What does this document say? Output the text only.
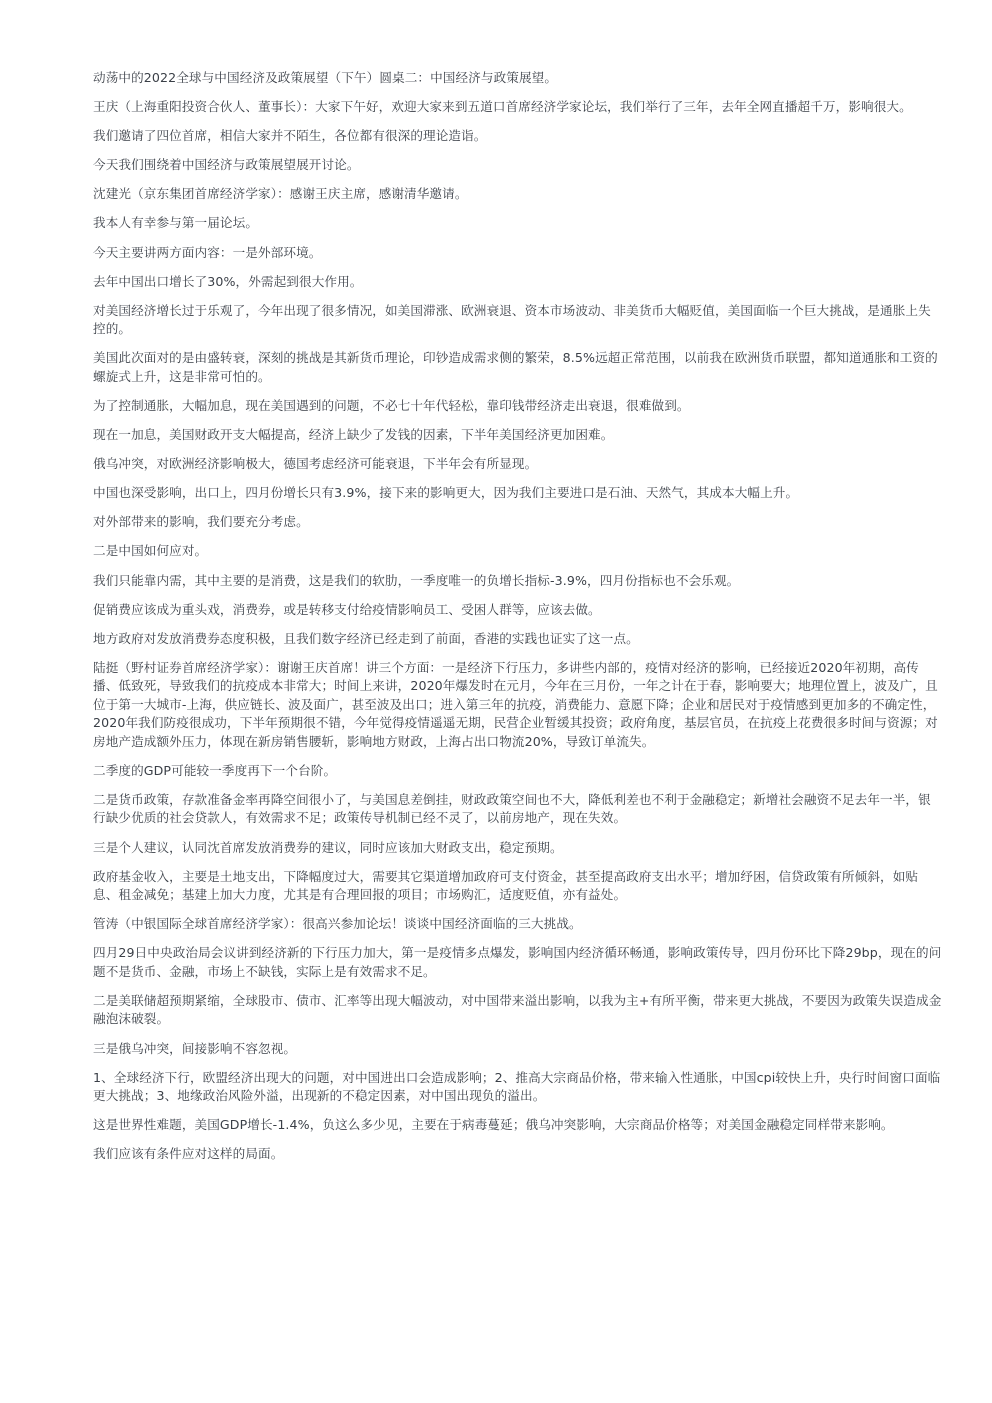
动荡中的2022全球与中国经济及政策展望（下午）圆桌二：中国经济与政策展望。

王庆（上海重阳投资合伙人、董事长）：大家下午好，欢迎大家来到五道口首席经济学家论坛，我们举行了三年，去年全网直播超千万，影响很大。

我们邀请了四位首席，相信大家并不陌生，各位都有很深的理论造诣。

今天我们围绕着中国经济与政策展望展开讨论。

沈建光（京东集团首席经济学家）：感谢王庆主席，感谢清华邀请。

我本人有幸参与第一届论坛。

今天主要讲两方面内容：一是外部环境。

去年中国出口增长了30%，外需起到很大作用。

对美国经济增长过于乐观了，今年出现了很多情况，如美国滞涨、欧洲衰退、资本市场波动、非美货币大幅贬值，美国面临一个巨大挑战，是通胀上失控的。

美国此次面对的是由盛转衰，深刻的挑战是其新货币理论，印钞造成需求侧的繁荣，8.5%远超正常范围，以前我在欧洲货币联盟，都知道通胀和工资的螺旋式上升，这是非常可怕的。

为了控制通胀，大幅加息，现在美国遇到的问题，不必七十年代轻松，靠印钱带经济走出衰退，很难做到。

现在一加息，美国财政开支大幅提高，经济上缺少了发钱的因素，下半年美国经济更加困难。

俄乌冲突，对欧洲经济影响极大，德国考虑经济可能衰退，下半年会有所显现。

中国也深受影响，出口上，四月份增长只有3.9%，接下来的影响更大，因为我们主要进口是石油、天然气，其成本大幅上升。

对外部带来的影响，我们要充分考虑。

二是中国如何应对。

我们只能靠内需，其中主要的是消费，这是我们的软肋，一季度唯一的负增长指标-3.9%，四月份指标也不会乐观。

促销费应该成为重头戏，消费券，或是转移支付给疫情影响员工、受困人群等，应该去做。

地方政府对发放消费券态度积极，且我们数字经济已经走到了前面，香港的实践也证实了这一点。

陆挺（野村证券首席经济学家）：谢谢王庆首席！讲三个方面：一是经济下行压力，多讲些内部的，疫情对经济的影响，已经接近2020年初期，高传播、低致死，导致我们的抗疫成本非常大；时间上来讲，2020年爆发时在元月，今年在三月份，一年之计在于春，影响要大；地理位置上，波及广，且位于第一大城市-上海，供应链长、波及面广，甚至波及出口；进入第三年的抗疫，消费能力、意愿下降；企业和居民对于疫情感到更加多的不确定性，2020年我们防疫很成功，下半年预期很不错，今年觉得疫情遥遥无期，民营企业暂缓其投资；政府角度，基层官员，在抗疫上花费很多时间与资源；对房地产造成额外压力，体现在新房销售腰斩，影响地方财政，上海占出口物流20%，导致订单流失。

二季度的GDP可能较一季度再下一个台阶。

二是货币政策，存款准备金率再降空间很小了，与美国息差倒挂，财政政策空间也不大，降低利差也不利于金融稳定；新增社会融资不足去年一半，银行缺少优质的社会贷款人，有效需求不足；政策传导机制已经不灵了，以前房地产，现在失效。

三是个人建议，认同沈首席发放消费券的建议，同时应该加大财政支出，稳定预期。

政府基金收入，主要是土地支出，下降幅度过大，需要其它渠道增加政府可支付资金，甚至提高政府支出水平；增加纾困，信贷政策有所倾斜，如贴息、租金减免；基建上加大力度，尤其是有合理回报的项目；市场购汇，适度贬值，亦有益处。

管涛（中银国际全球首席经济学家）：很高兴参加论坛！谈谈中国经济面临的三大挑战。

四月29日中央政治局会议讲到经济新的下行压力加大，第一是疫情多点爆发，影响国内经济循环畅通，影响政策传导，四月份环比下降29bp，现在的问题不是货币、金融，市场上不缺钱，实际上是有效需求不足。

二是美联储超预期紧缩，全球股市、债市、汇率等出现大幅波动，对中国带来溢出影响，以我为主+有所平衡，带来更大挑战，不要因为政策失误造成金融泡沫破裂。

三是俄乌冲突，间接影响不容忽视。

1、全球经济下行，欧盟经济出现大的问题，对中国进出口会造成影响；2、推高大宗商品价格，带来输入性通胀，中国cpi较快上升，央行时间窗口面临更大挑战；3、地缘政治风险外溢，出现新的不稳定因素，对中国出现负的溢出。

这是世界性难题，美国GDP增长-1.4%，负这么多少见，主要在于病毒蔓延；俄乌冲突影响，大宗商品价格等；对美国金融稳定同样带来影响。

我们应该有条件应对这样的局面。
